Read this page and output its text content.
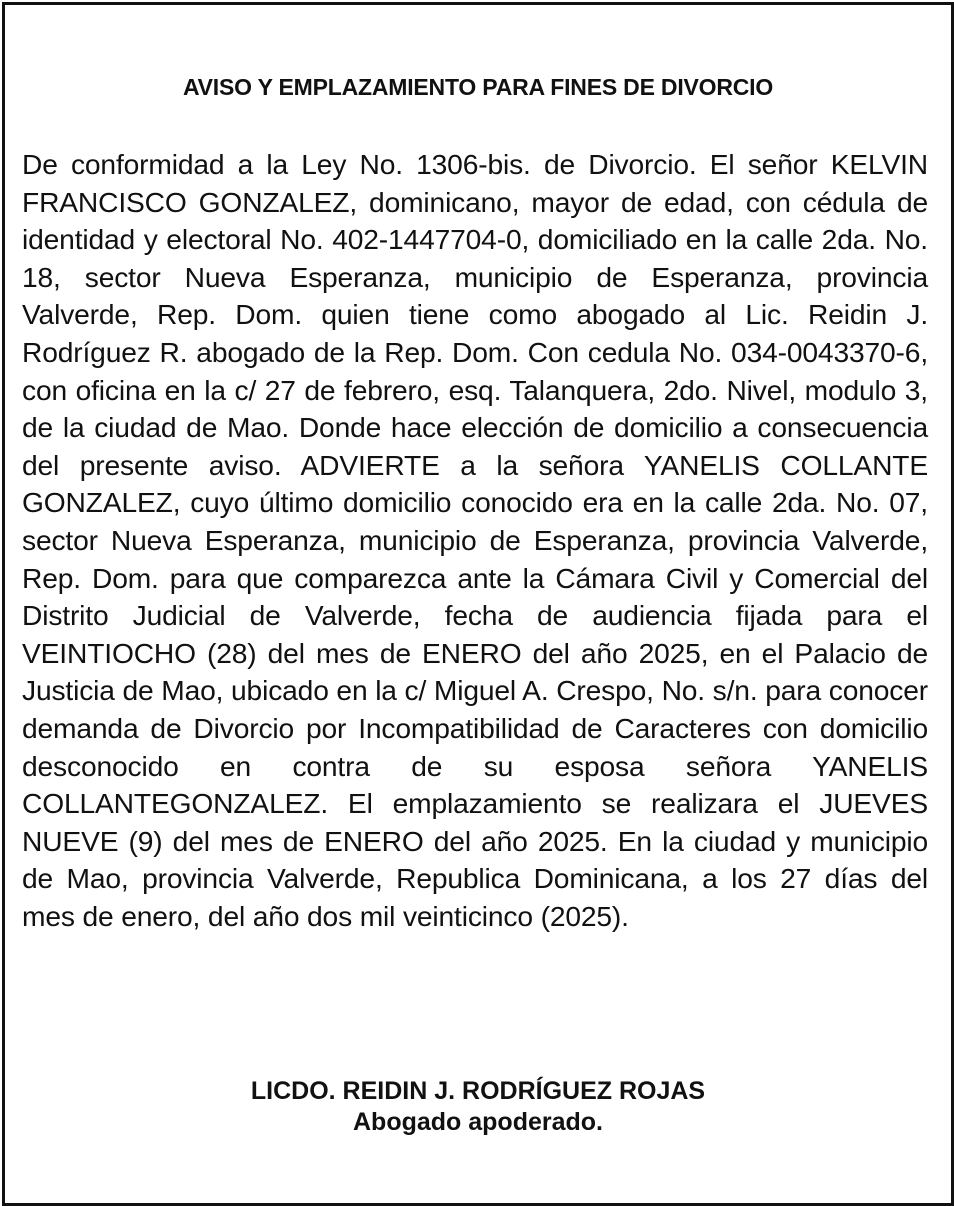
AVISO Y EMPLAZAMIENTO PARA FINES DE DIVORCIO

De conformidad a la Ley No. 1306-bis. de Divorcio. El señor KELVIN FRANCISCO GONZALEZ, dominicano, mayor de edad, con cédula de identidad y electoral No. 402-1447704-0, domiciliado en la calle 2da. No. 18, sector Nueva Esperanza, municipio de Esperanza, provincia Valverde, Rep. Dom. quien tiene como abogado al Lic. Reidin J. Rodríguez R. abogado de la Rep. Dom. Con cedula No. 034-0043370-6, con oficina en la c/ 27 de febrero, esq. Talanquera, 2do. Nivel, modulo 3, de la ciudad de Mao. Donde hace elección de domicilio a consecuencia del presente aviso. ADVIERTE a la señora YANELIS COLLANTE GONZALEZ, cuyo último domicilio conocido era en la calle 2da. No. 07, sector Nueva Esperanza, municipio de Esperanza, provincia Valverde, Rep. Dom. para que comparezca ante la Cámara Civil y Comercial del Distrito Judicial de Valverde, fecha de audiencia fijada para el VEINTIOCHO (28) del mes de ENERO del año 2025, en el Palacio de Justicia de Mao, ubicado en la c/ Miguel A. Crespo, No. s/n. para conocer demanda de Divorcio por Incompatibilidad de Caracteres con domicilio desconocido en contra de su esposa señora YANELIS COLLANTEGONZALEZ. El emplazamiento se realizara el JUEVES NUEVE (9) del mes de ENERO del año 2025. En la ciudad y municipio de Mao, provincia Valverde, Republica Dominicana, a los 27 días del mes de enero, del año dos mil veinticinco (2025).

LICDO. REIDIN J. RODRÍGUEZ ROJAS
Abogado apoderado.
